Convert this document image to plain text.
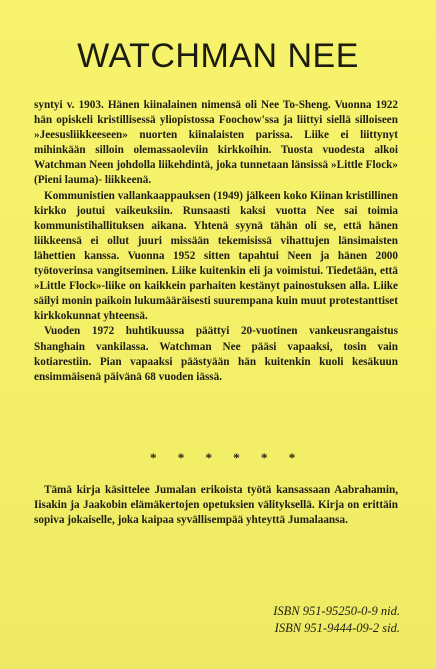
WATCHMAN NEE

syntyi v. 1903. Hänen kiinalainen nimensä oli Nee To-Sheng. Vuonna 1922 hän opiskeli kristillisessä yliopistossa Foochow'ssa ja liittyi siellä silloiseen »Jeesusliikkeeseen» nuorten kiinalaisten parissa. Liike ei liittynyt mihinkään silloin olemassaoleviin kirkkoihin. Tuosta vuodesta alkoi Watchman Neen johdolla liikehdintä, joka tunnetaan länsissä »Little Flock» (Pieni lauma)- liikkeenä.

Kommunistien vallankaappauksen (1949) jälkeen koko Kiinan kristillinen kirkko joutui vaikeuksiin. Runsaasti kaksi vuotta Nee sai toimia kommunistihallituksen aikana. Yhtenä syynä tähän oli se, että hänen liikkeensä ei ollut juuri missään tekemisissä vihattujen länsimaisten lähettien kanssa. Vuonna 1952 sitten tapahtui Neen ja hänen 2000 työtoverinsa vangitseminen. Liike kuitenkin eli ja voimistui. Tiedetään, että »Little Flock»-liike on kaikkein parhaiten kestänyt painostuksen alla. Liike säilyi monin paikoin lukumääräisesti suurempana kuin muut protestanttiset kirkkokunnat yhteensä.

Vuoden 1972 huhtikuussa päättyi 20-vuotinen vankeusrangaistus Shanghain vankilassa. Watchman Nee pääsi vapaaksi, tosin vain kotiarestiin. Pian vapaaksi päästyään hän kuitenkin kuoli kesäkuun ensimmäisenä päivänä 68 vuoden iässä.

* * * * * *

Tämä kirja käsittelee Jumalan erikoista työtä kansassaan Aabrahamin, Iisakin ja Jaakobin elämäkertojen opetuksien välityksellä. Kirja on erittäin sopiva jokaiselle, joka kaipaa syvällisempää yhteyttä Jumalaansa.

ISBN 951-95250-0-9 nid.
ISBN 951-9444-09-2 sid.
